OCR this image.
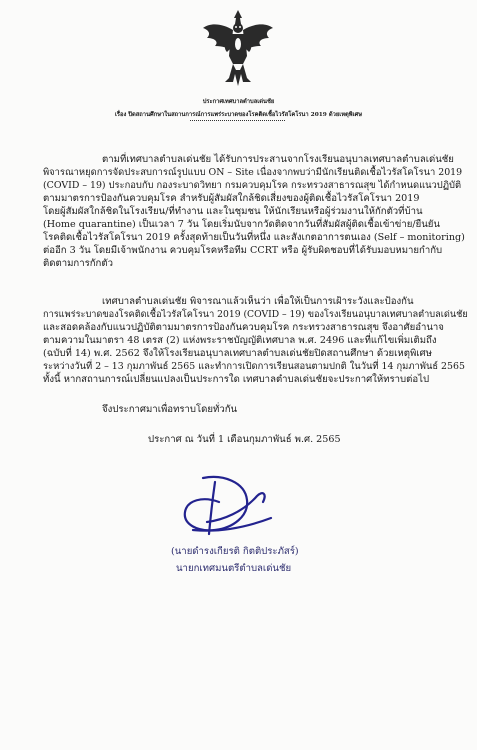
ประกาศเทศบาลตำบลเด่นชัย
เรื่อง ปิดสถานศึกษาในสถานการณ์การแพร่ระบาดของโรคติดเชื้อไวรัสโคโรนา 2019 ด้วยเหตุพิเศษ
ตามที่เทศบาลตำบลเด่นชัย ได้รับการประสานจากโรงเรียนอนุบาลเทศบาลตำบลเด่นชัย
พิจารณาหยุดการจัดประสบการณ์รูปแบบ ON – Site เนื่องจากพบว่ามีนักเรียนติดเชื้อไวรัสโคโรนา 2019
(COVID – 19) ประกอบกับ กองระบาดวิทยา กรมควบคุมโรค กระทรวงสาธารณสุข ได้กำหนดแนวปฏิบัติ
ตามมาตรการป้องกันควบคุมโรค สำหรับผู้สัมผัสใกล้ชิดเสี่ยงของผู้ติดเชื้อไวรัสโคโรนา 2019
โดยผู้สัมผัสใกล้ชิดในโรงเรียน/ที่ทำงาน และในชุมชน ให้นักเรียนหรือผู้ร่วมงานให้กักตัวที่บ้าน
(Home quarantine) เป็นเวลา 7 วัน โดยเริ่มนับจากวัดติดจากวันที่สัมผัสผู้ติดเชื้อเข้าข่าย/ยืนยัน
โรคติดเชื้อไวรัสโคโรนา 2019 ครั้งสุดท้ายเป็นวันที่หนึ่ง และสังเกตอาการตนเอง (Self – monitoring)
ต่ออีก 3 วัน โดยมีเจ้าพนักงาน ควบคุมโรคหรือทีม CCRT หรือ ผู้รับผิดชอบที่ได้รับมอบหมายกำกับ
ติดตามการกักตัว
เทศบาลตำบลเด่นชัย พิจารณาแล้วเห็นว่า เพื่อให้เป็นการเฝ้าระวังและป้องกัน
การแพร่ระบาดของโรคติดเชื้อไวรัสโคโรนา 2019 (COVID – 19) ของโรงเรียนอนุบาลเทศบาลตำบลเด่นชัย
และสอดคล้องกับแนวปฏิบัติตามมาตรการป้องกันควบคุมโรค กระทรวงสาธารณสุข จึงอาศัยอำนาจ
ตามความในมาตรา 48 เตรส (2) แห่งพระราชบัญญัติเทศบาล พ.ศ. 2496 และที่แก้ไขเพิ่มเติมถึง
(ฉบับที่ 14) พ.ศ. 2562 จึงให้โรงเรียนอนุบาลเทศบาลตำบลเด่นชัยปิดสถานศึกษา ด้วยเหตุพิเศษ
ระหว่างวันที่ 2 – 13 กุมภาพันธ์ 2565 และทำการเปิดการเรียนสอนตามปกติ ในวันที่ 14 กุมภาพันธ์ 2565
ทั้งนี้ หากสถานการณ์เปลี่ยนแปลงเป็นประการใด เทศบาลตำบลเด่นชัยจะประกาศให้ทราบต่อไป
จึงประกาศมาเพื่อทราบโดยทั่วกัน
ประกาศ ณ วันที่ 1 เดือนกุมภาพันธ์ พ.ศ. 2565
(นายดำรงเกียรติ กิตติประภัสร์)
นายกเทศมนตรีตำบลเด่นชัย
